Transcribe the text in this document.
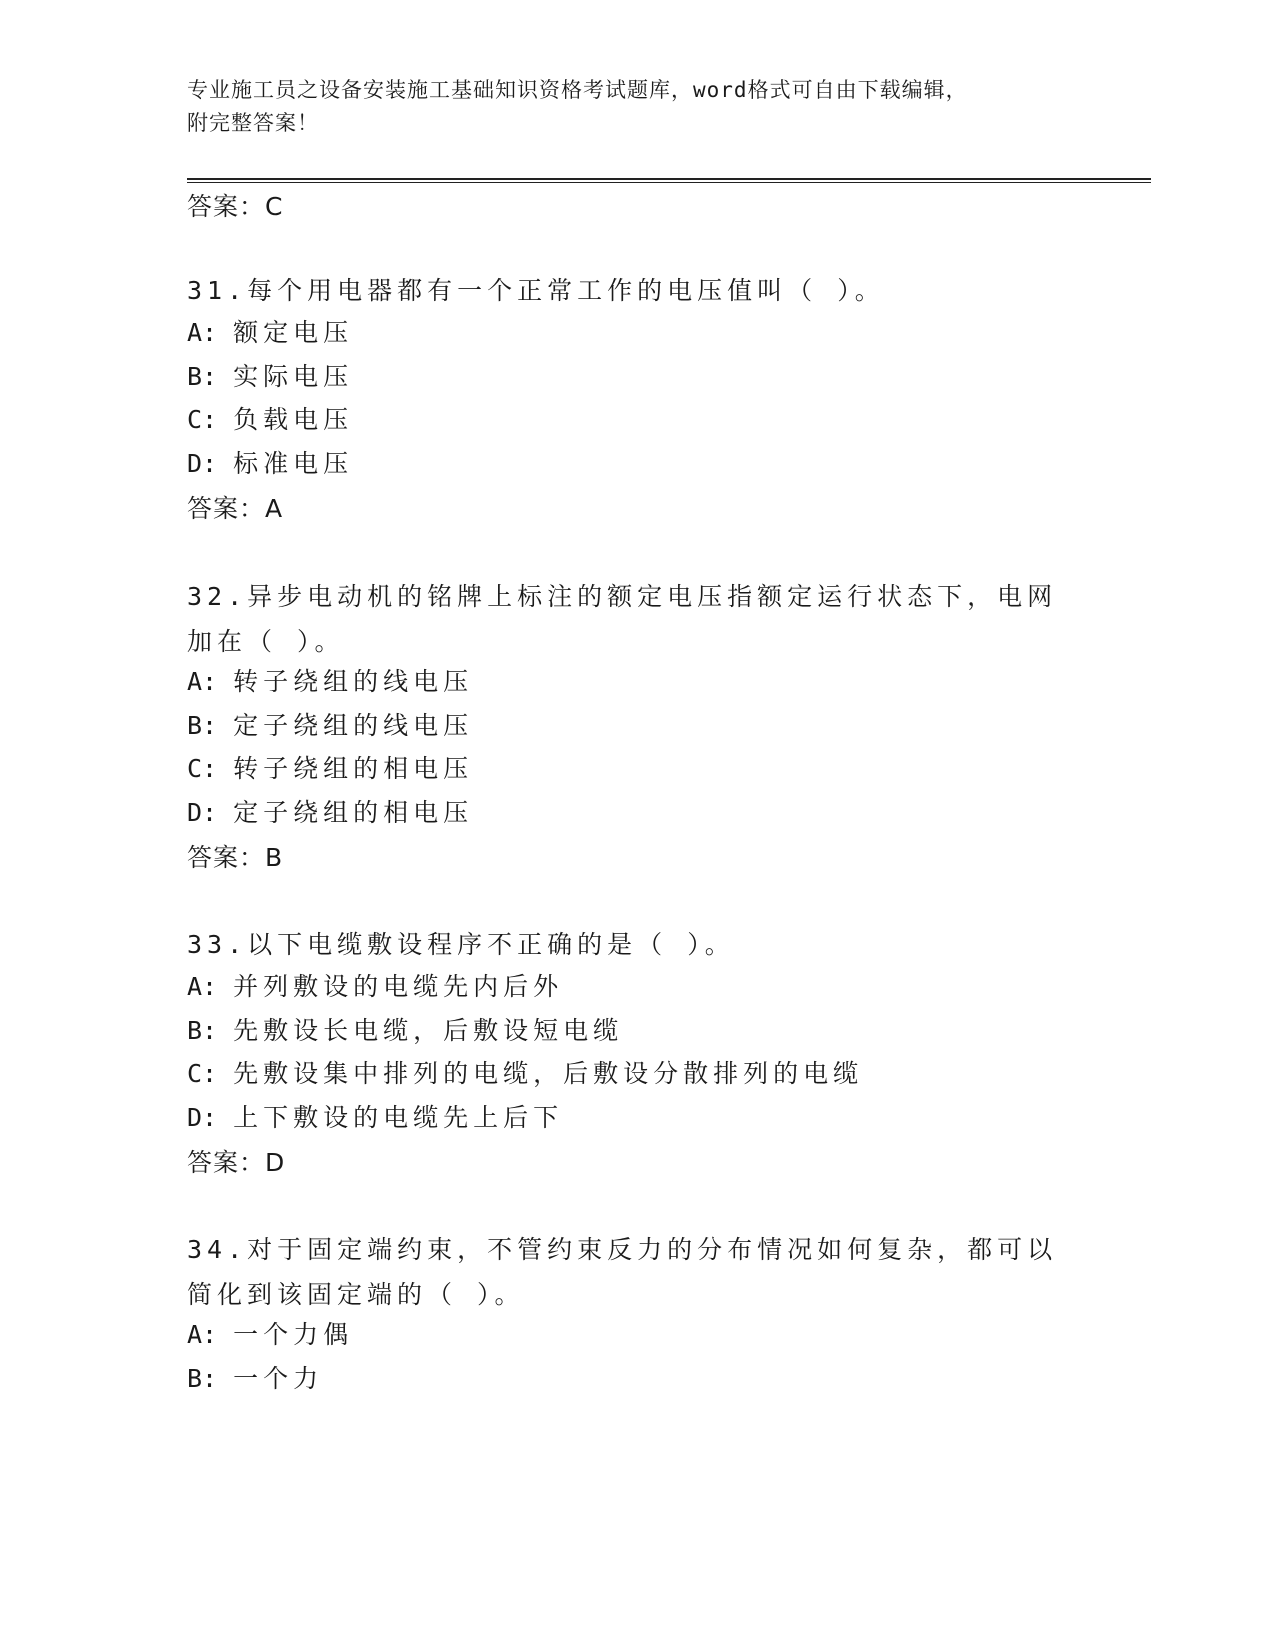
专业施工员之设备安装施工基础知识资格考试题库，word格式可自由下载编辑，
附完整答案！
答案：C
31.每个用电器都有一个正常工作的电压值叫（ ）。
A: 额定电压
B: 实际电压
C: 负载电压
D: 标准电压
答案：A
32.异步电动机的铭牌上标注的额定电压指额定运行状态下，电网加在（ ）。
A: 转子绕组的线电压
B: 定子绕组的线电压
C: 转子绕组的相电压
D: 定子绕组的相电压
答案：B
33.以下电缆敷设程序不正确的是（ ）。
A: 并列敷设的电缆先内后外
B: 先敷设长电缆，后敷设短电缆
C: 先敷设集中排列的电缆，后敷设分散排列的电缆
D: 上下敷设的电缆先上后下
答案：D
34.对于固定端约束，不管约束反力的分布情况如何复杂，都可以简化到该固定端的（ ）。
A: 一个力偶
B: 一个力
